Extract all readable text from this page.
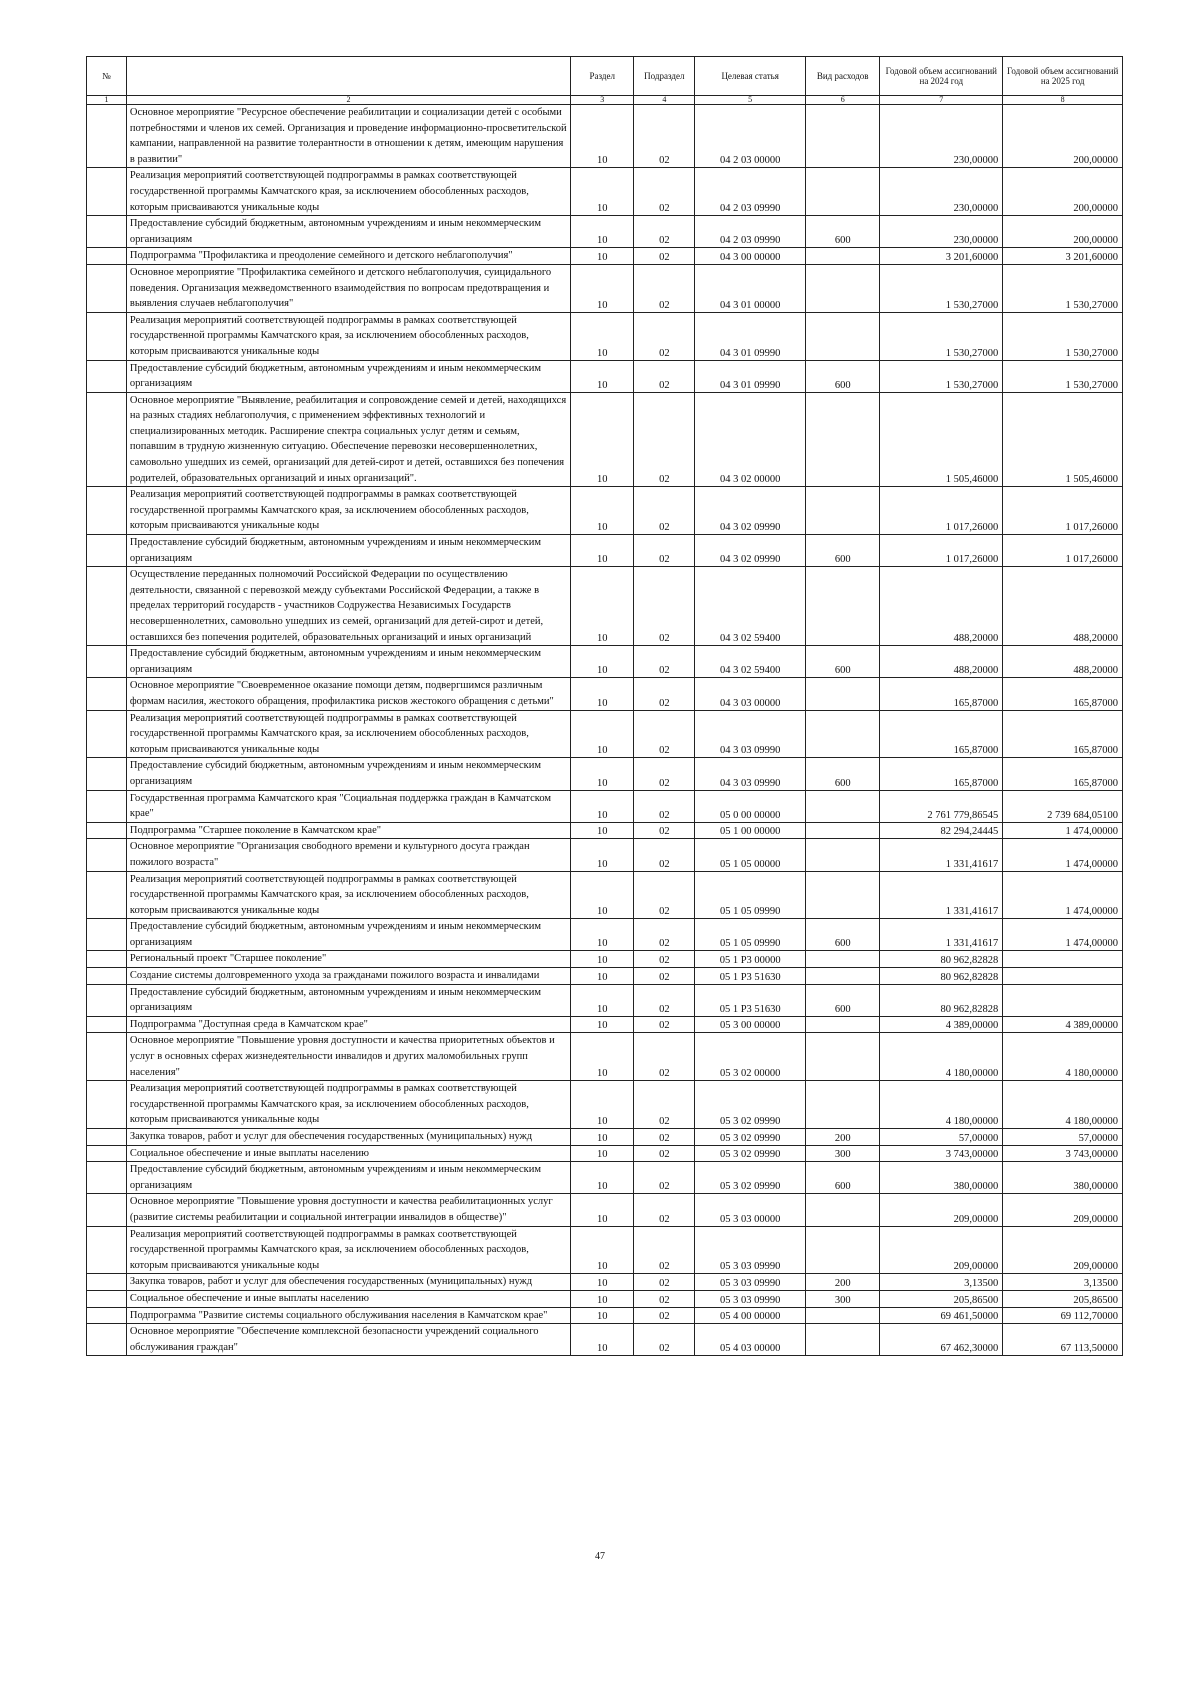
№		Раздел	Подраздел	Целевая статья	Вид расходов	Годовой объем ассигнований на 2024 год	Годовой объем ассигнований на 2025 год
1	2	3	4	5	6	7	8
	Основное мероприятие "Ресурсное обеспечение реабилитации и социализации детей с особыми потребностями и членов их семей. Организация и проведение информационно-просветительской кампании, направленной на развитие толерантности в отношении к детям, имеющим нарушения в развитии"	10	02	04 2 03 00000		230,00000	200,00000
	Реализация мероприятий соответствующей подпрограммы в рамках соответствующей государственной программы Камчатского края, за исключением обособленных расходов, которым присваиваются уникальные коды	10	02	04 2 03 09990		230,00000	200,00000
	Предоставление субсидий бюджетным, автономным учреждениям и иным некоммерческим организациям	10	02	04 2 03 09990	600	230,00000	200,00000
	Подпрограмма "Профилактика и преодоление семейного и детского неблагополучия"	10	02	04 3 00 00000		3 201,60000	3 201,60000
	Основное мероприятие "Профилактика семейного и детского неблагополучия, суицидального поведения. Организация межведомственного взаимодействия по вопросам предотвращения и выявления случаев неблагополучия"	10	02	04 3 01 00000		1 530,27000	1 530,27000
	Реализация мероприятий соответствующей подпрограммы в рамках соответствующей государственной программы Камчатского края, за исключением обособленных расходов, которым присваиваются уникальные коды	10	02	04 3 01 09990		1 530,27000	1 530,27000
	Предоставление субсидий бюджетным, автономным учреждениям и иным некоммерческим организациям	10	02	04 3 01 09990	600	1 530,27000	1 530,27000
	Основное мероприятие "Выявление, реабилитация и сопровождение семей и детей, находящихся на разных стадиях неблагополучия, с применением эффективных технологий и специализированных методик. Расширение спектра социальных услуг детям и семьям, попавшим в трудную жизненную ситуацию. Обеспечение перевозки несовершеннолетних, самовольно ушедших из семей, организаций для детей-сирот и детей, оставшихся без попечения родителей, образовательных организаций и иных организаций".	10	02	04 3 02 00000		1 505,46000	1 505,46000
	Реализация мероприятий соответствующей подпрограммы в рамках соответствующей государственной программы Камчатского края, за исключением обособленных расходов, которым присваиваются уникальные коды	10	02	04 3 02 09990		1 017,26000	1 017,26000
	Предоставление субсидий бюджетным, автономным учреждениям и иным некоммерческим организациям	10	02	04 3 02 09990	600	1 017,26000	1 017,26000
	Осуществление переданных полномочий Российской Федерации по осуществлению деятельности, связанной с перевозкой между субъектами Российской Федерации, а также в пределах территорий государств - участников Содружества Независимых Государств несовершеннолетних, самовольно ушедших из семей, организаций для детей-сирот и детей, оставшихся без попечения родителей, образовательных организаций и иных организаций	10	02	04 3 02 59400		488,20000	488,20000
	Предоставление субсидий бюджетным, автономным учреждениям и иным некоммерческим организациям	10	02	04 3 02 59400	600	488,20000	488,20000
	Основное мероприятие "Своевременное оказание помощи детям, подвергшимся различным формам насилия, жестокого обращения, профилактика рисков жестокого обращения с детьми"	10	02	04 3 03 00000		165,87000	165,87000
	Реализация мероприятий соответствующей подпрограммы в рамках соответствующей государственной программы Камчатского края, за исключением обособленных расходов, которым присваиваются уникальные коды	10	02	04 3 03 09990		165,87000	165,87000
	Предоставление субсидий бюджетным, автономным учреждениям и иным некоммерческим организациям	10	02	04 3 03 09990	600	165,87000	165,87000
	Государственная программа Камчатского края "Социальная поддержка граждан в Камчатском крае"	10	02	05 0 00 00000		2 761 779,86545	2 739 684,05100
	Подпрограмма "Старшее поколение в Камчатском крае"	10	02	05 1 00 00000		82 294,24445	1 474,00000
	Основное мероприятие "Организация свободного времени и культурного досуга граждан пожилого возраста"	10	02	05 1 05 00000		1 331,41617	1 474,00000
	Реализация мероприятий соответствующей подпрограммы в рамках соответствующей государственной программы Камчатского края, за исключением обособленных расходов, которым присваиваются уникальные коды	10	02	05 1 05 09990		1 331,41617	1 474,00000
	Предоставление субсидий бюджетным, автономным учреждениям и иным некоммерческим организациям	10	02	05 1 05 09990	600	1 331,41617	1 474,00000
	Региональный проект "Старшее поколение"	10	02	05 1 P3 00000		80 962,82828	
	Создание системы долговременного ухода за гражданами пожилого возраста и инвалидами	10	02	05 1 P3 51630		80 962,82828	
	Предоставление субсидий бюджетным, автономным учреждениям и иным некоммерческим организациям	10	02	05 1 P3 51630	600	80 962,82828	
	Подпрограмма "Доступная среда в Камчатском крае"	10	02	05 3 00 00000		4 389,00000	4 389,00000
	Основное мероприятие "Повышение уровня доступности и качества приоритетных объектов и услуг в основных сферах жизнедеятельности инвалидов и других маломобильных групп населения"	10	02	05 3 02 00000		4 180,00000	4 180,00000
	Реализация мероприятий соответствующей подпрограммы в рамках соответствующей государственной программы Камчатского края, за исключением обособленных расходов, которым присваиваются уникальные коды	10	02	05 3 02 09990		4 180,00000	4 180,00000
	Закупка товаров, работ и услуг для обеспечения государственных (муниципальных) нужд	10	02	05 3 02 09990	200	57,00000	57,00000
	Социальное обеспечение и иные выплаты населению	10	02	05 3 02 09990	300	3 743,00000	3 743,00000
	Предоставление субсидий бюджетным, автономным учреждениям и иным некоммерческим организациям	10	02	05 3 02 09990	600	380,00000	380,00000
	Основное мероприятие "Повышение уровня доступности и качества реабилитационных услуг (развитие системы реабилитации и социальной интеграции инвалидов в обществе)"	10	02	05 3 03 00000		209,00000	209,00000
	Реализация мероприятий соответствующей подпрограммы в рамках соответствующей государственной программы Камчатского края, за исключением обособленных расходов, которым присваиваются уникальные коды	10	02	05 3 03 09990		209,00000	209,00000
	Закупка товаров, работ и услуг для обеспечения государственных (муниципальных) нужд	10	02	05 3 03 09990	200	3,13500	3,13500
	Социальное обеспечение и иные выплаты населению	10	02	05 3 03 09990	300	205,86500	205,86500
	Подпрограмма "Развитие системы социального обслуживания населения в Камчатском крае"	10	02	05 4 00 00000		69 461,50000	69 112,70000
	Основное мероприятие "Обеспечение комплексной безопасности учреждений социального обслуживания граждан"	10	02	05 4 03 00000		67 462,30000	67 113,50000
47
